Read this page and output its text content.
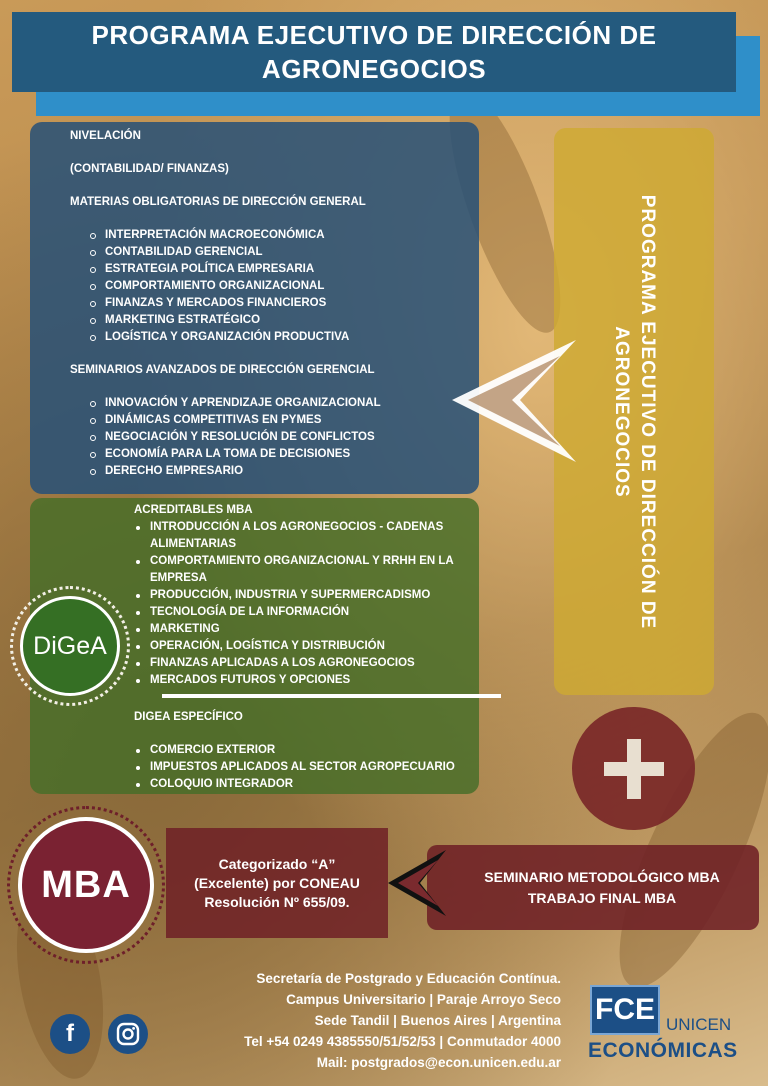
PROGRAMA EJECUTIVO DE DIRECCIÓN DE AGRONEGOCIOS
NIVELACIÓN
(CONTABILIDAD/ FINANZAS)
MATERIAS OBLIGATORIAS DE DIRECCIÓN GENERAL
INTERPRETACIÓN MACROECONÓMICA
CONTABILIDAD GERENCIAL
ESTRATEGIA POLÍTICA EMPRESARIA
COMPORTAMIENTO ORGANIZACIONAL
FINANZAS Y MERCADOS FINANCIEROS
MARKETING ESTRATÉGICO
LOGÍSTICA Y ORGANIZACIÓN PRODUCTIVA
SEMINARIOS AVANZADOS DE DIRECCIÓN GERENCIAL
INNOVACIÓN Y APRENDIZAJE ORGANIZACIONAL
DINÁMICAS COMPETITIVAS EN PYMES
NEGOCIACIÓN Y RESOLUCIÓN DE CONFLICTOS
ECONOMÍA PARA LA TOMA DE DECISIONES
DERECHO EMPRESARIO
ACREDITABLES MBA
INTRODUCCIÓN A LOS AGRONEGOCIOS - CADENAS ALIMENTARIAS
COMPORTAMIENTO ORGANIZACIONAL Y RRHH EN LA EMPRESA
PRODUCCIÓN, INDUSTRIA Y SUPERMERCADISMO
TECNOLOGÍA DE LA INFORMACIÓN
MARKETING
OPERACIÓN, LOGÍSTICA Y DISTRIBUCIÓN
FINANZAS APLICADAS A LOS AGRONEGOCIOS
MERCADOS FUTUROS Y OPCIONES
DIGEA ESPECÍFICO
COMERCIO EXTERIOR
IMPUESTOS APLICADOS AL SECTOR AGROPECUARIO
COLOQUIO INTEGRADOR
DiGeA
PROGRAMA EJECUTIVO DE DIRECCIÓN DE AGRONEGOCIOS
MBA	Categorizado “A”
(Excelente) por CONEAU
Resolución Nº 655/09.
SEMINARIO METODOLÓGICO MBA
TRABAJO FINAL MBA
Secretaría de Postgrado y Educación Contínua.
Campus Universitario | Paraje Arroyo Seco
Sede Tandil | Buenos Aires | Argentina
Tel +54 0249 4385550/51/52/53 | Conmutador 4000
Mail: postgrados@econ.unicen.edu.ar
f
FCE UNICEN
ECONÓMICAS
